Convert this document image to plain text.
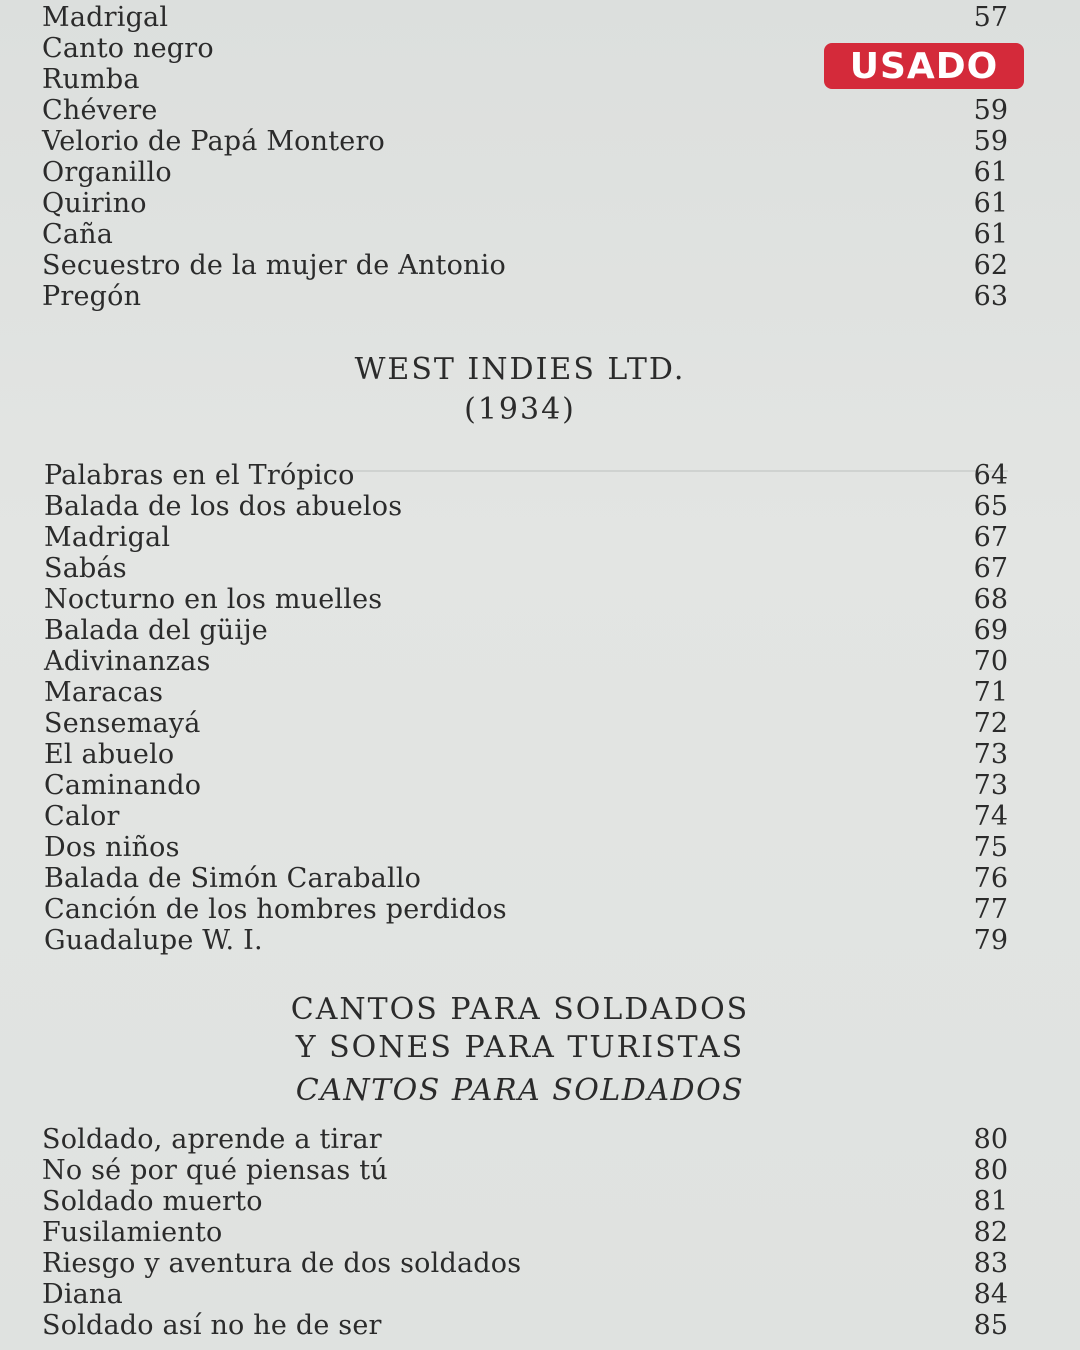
Madrigal	57
Canto negro
Rumba
Chévere	59
Velorio de Papá Montero	59
Organillo	61
Quirino	61
Caña	61
Secuestro de la mujer de Antonio	62
Pregón	63
WEST INDIES LTD.
(1934)
Palabras en el Trópico	64
Balada de los dos abuelos	65
Madrigal	67
Sabás	67
Nocturno en los muelles	68
Balada del güije	69
Adivinanzas	70
Maracas	71
Sensemayá	72
El abuelo	73
Caminando	73
Calor	74
Dos niños	75
Balada de Simón Caraballo	76
Canción de los hombres perdidos	77
Guadalupe W. I.	79
CANTOS PARA SOLDADOS
Y SONES PARA TURISTAS
CANTOS PARA SOLDADOS
Soldado, aprende a tirar	80
No sé por qué piensas tú	80
Soldado muerto	81
Fusilamiento	82
Riesgo y aventura de dos soldados	83
Diana	84
Soldado así no he de ser	85
USADO
